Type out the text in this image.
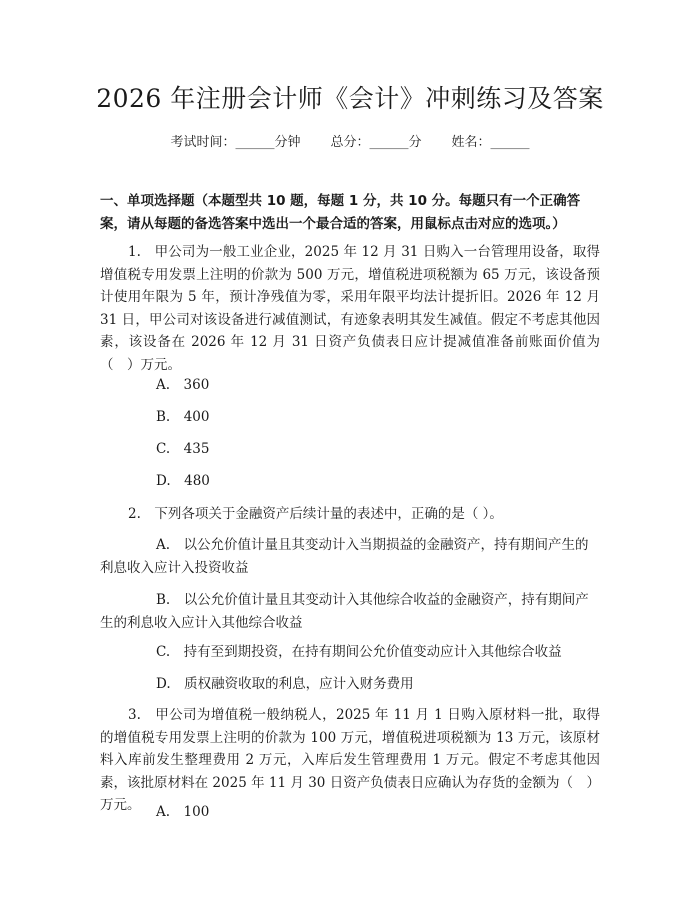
2026 年注册会计师《会计》冲刺练习及答案
考试时间：______分钟 总分：______分 姓名：______
一、单项选择题（本题型共 10 题，每题 1 分，共 10 分。每题只有一个正确答案，请从每题的备选答案中选出一个最合适的答案，用鼠标点击对应的选项。）
1.　甲公司为一般工业企业，2025 年 12 月 31 日购入一台管理用设备，取得增值税专用发票上注明的价款为 500 万元，增值税进项税额为 65 万元，该设备预计使用年限为 5 年，预计净残值为零，采用年限平均法计提折旧。2026 年 12 月 31 日，甲公司对该设备进行减值测试，有迹象表明其发生减值。假定不考虑其他因素，该设备在 2026 年 12 月 31 日资产负债表日应计提减值准备前账面价值为（　）万元。
A.　360
B.　400
C.　435
D.　480
2.　下列各项关于金融资产后续计量的表述中，正确的是（ ）。
A.　以公允价值计量且其变动计入当期损益的金融资产，持有期间产生的利息收入应计入投资收益
B.　以公允价值计量且其变动计入其他综合收益的金融资产，持有期间产生的利息收入应计入其他综合收益
C.　持有至到期投资，在持有期间公允价值变动应计入其他综合收益
D.　质权融资收取的利息，应计入财务费用
3.　甲公司为增值税一般纳税人，2025 年 11 月 1 日购入原材料一批，取得的增值税专用发票上注明的价款为 100 万元，增值税进项税额为 13 万元，该原材料入库前发生整理费用 2 万元，入库后发生管理费用 1 万元。假定不考虑其他因素，该批原材料在 2025 年 11 月 30 日资产负债表日应确认为存货的金额为（　）万元。	A.　100
